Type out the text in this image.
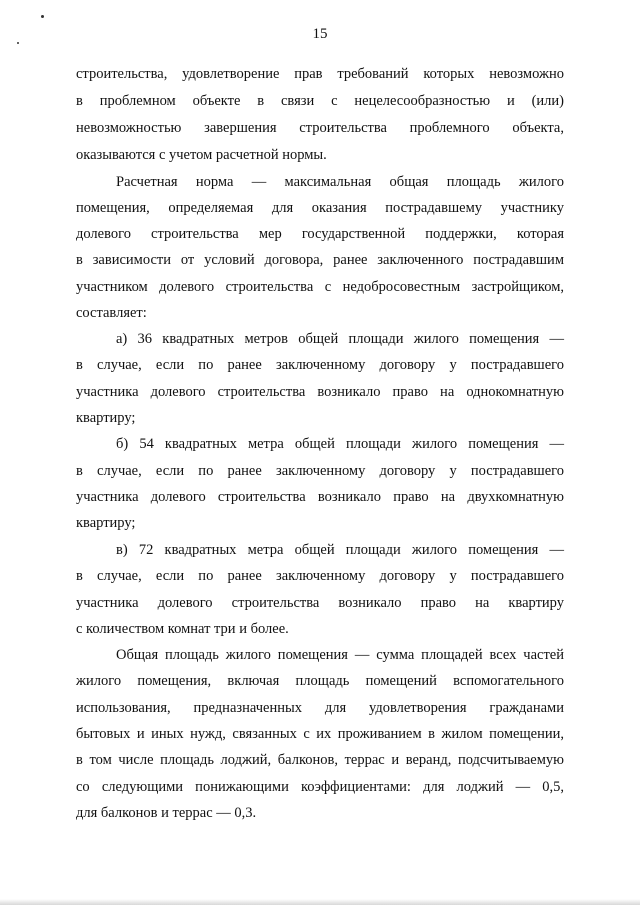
15
строительства, удовлетворение прав требований которых невозможно
в проблемном объекте в связи с нецелесообразностью и (или)
невозможностью завершения строительства проблемного объекта,
оказываются с учетом расчетной нормы.
Расчетная норма — максимальная общая площадь жилого
помещения, определяемая для оказания пострадавшему участнику
долевого строительства мер государственной поддержки, которая
в зависимости от условий договора, ранее заключенного пострадавшим
участником долевого строительства с недобросовестным застройщиком,
составляет:
а) 36 квадратных метров общей площади жилого помещения —
в случае, если по ранее заключенному договору у пострадавшего
участника долевого строительства возникало право на однокомнатную
квартиру;
б) 54 квадратных метра общей площади жилого помещения —
в случае, если по ранее заключенному договору у пострадавшего
участника долевого строительства возникало право на двухкомнатную
квартиру;
в) 72 квадратных метра общей площади жилого помещения —
в случае, если по ранее заключенному договору у пострадавшего
участника долевого строительства возникало право на квартиру
с количеством комнат три и более.
Общая площадь жилого помещения — сумма площадей всех частей
жилого помещения, включая площадь помещений вспомогательного
использования, предназначенных для удовлетворения гражданами
бытовых и иных нужд, связанных с их проживанием в жилом помещении,
в том числе площадь лоджий, балконов, террас и веранд, подсчитываемую
со следующими понижающими коэффициентами: для лоджий — 0,5,
для балконов и террас — 0,3.
